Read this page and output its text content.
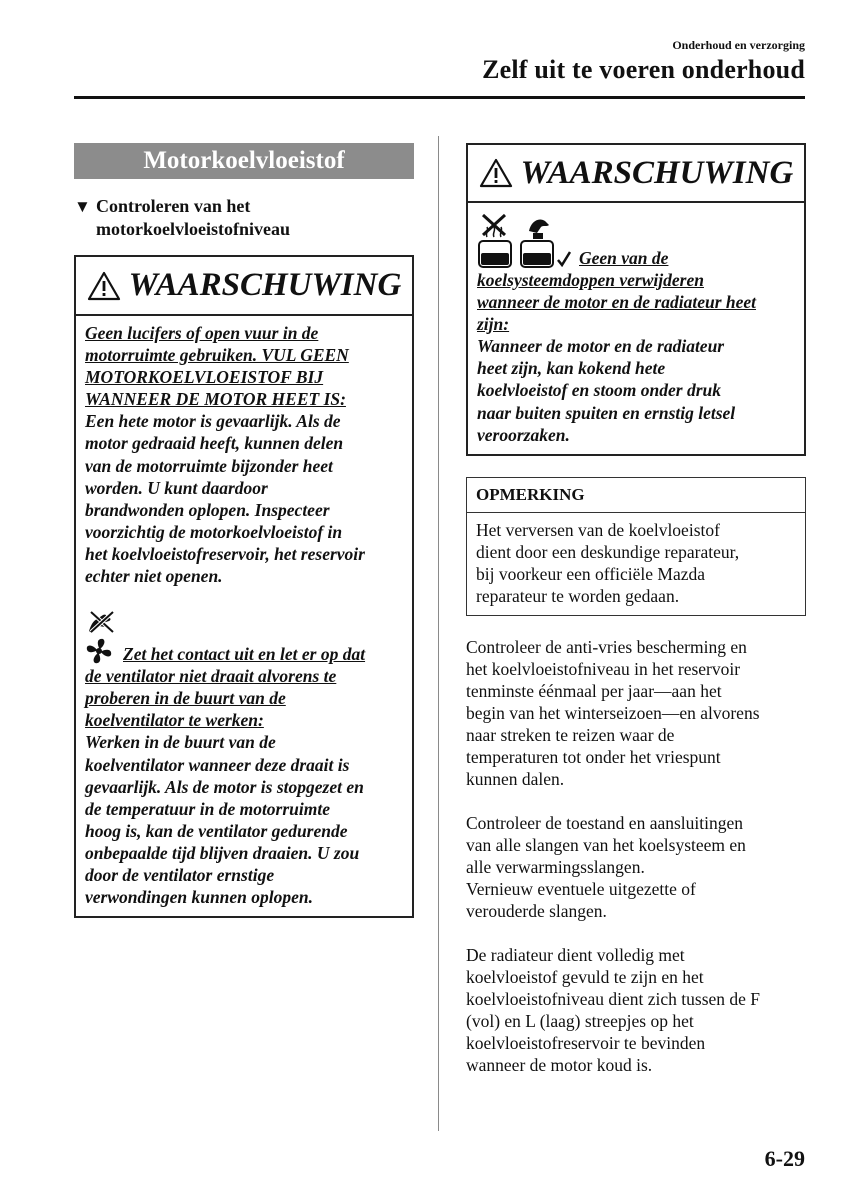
Onderhoud en verzorging
Zelf uit te voeren onderhoud
Motorkoelvloeistof
▼ Controleren van het
motorkoelvloeistofniveau
WAARSCHUWING
Geen lucifers of open vuur in de
motorruimte gebruiken. VUL GEEN
MOTORKOELVLOEISTOF BIJ
WANNEER DE MOTOR HEET IS:
Een hete motor is gevaarlijk. Als de
motor gedraaid heeft, kunnen delen
van de motorruimte bijzonder heet
worden. U kunt daardoor
brandwonden oplopen. Inspecteer
voorzichtig de motorkoelvloeistof in
het koelvloeistofreservoir, het reservoir
echter niet openen.
Zet het contact uit en let er op dat
de ventilator niet draait alvorens te
proberen in de buurt van de
koelventilator te werken:
Werken in de buurt van de
koelventilator wanneer deze draait is
gevaarlijk. Als de motor is stopgezet en
de temperatuur in de motorruimte
hoog is, kan de ventilator gedurende
onbepaalde tijd blijven draaien. U zou
door de ventilator ernstige
verwondingen kunnen oplopen.
WAARSCHUWING
Geen van de
koelsysteemdoppen verwijderen
wanneer de motor en de radiateur heet
zijn:
Wanneer de motor en de radiateur
heet zijn, kan kokend hete
koelvloeistof en stoom onder druk
naar buiten spuiten en ernstig letsel
veroorzaken.
OPMERKING
Het verversen van de koelvloeistof
dient door een deskundige reparateur,
bij voorkeur een officiële Mazda
reparateur te worden gedaan.
Controleer de anti-vries bescherming en
het koelvloeistofniveau in het reservoir
tenminste éénmaal per jaar―aan het
begin van het winterseizoen―en alvorens
naar streken te reizen waar de
temperaturen tot onder het vriespunt
kunnen dalen.
Controleer de toestand en aansluitingen
van alle slangen van het koelsysteem en
alle verwarmingsslangen.
Vernieuw eventuele uitgezette of
verouderde slangen.
De radiateur dient volledig met
koelvloeistof gevuld te zijn en het
koelvloeistofniveau dient zich tussen de F
(vol) en L (laag) streepjes op het
koelvloeistofreservoir te bevinden
wanneer de motor koud is.
6-29
